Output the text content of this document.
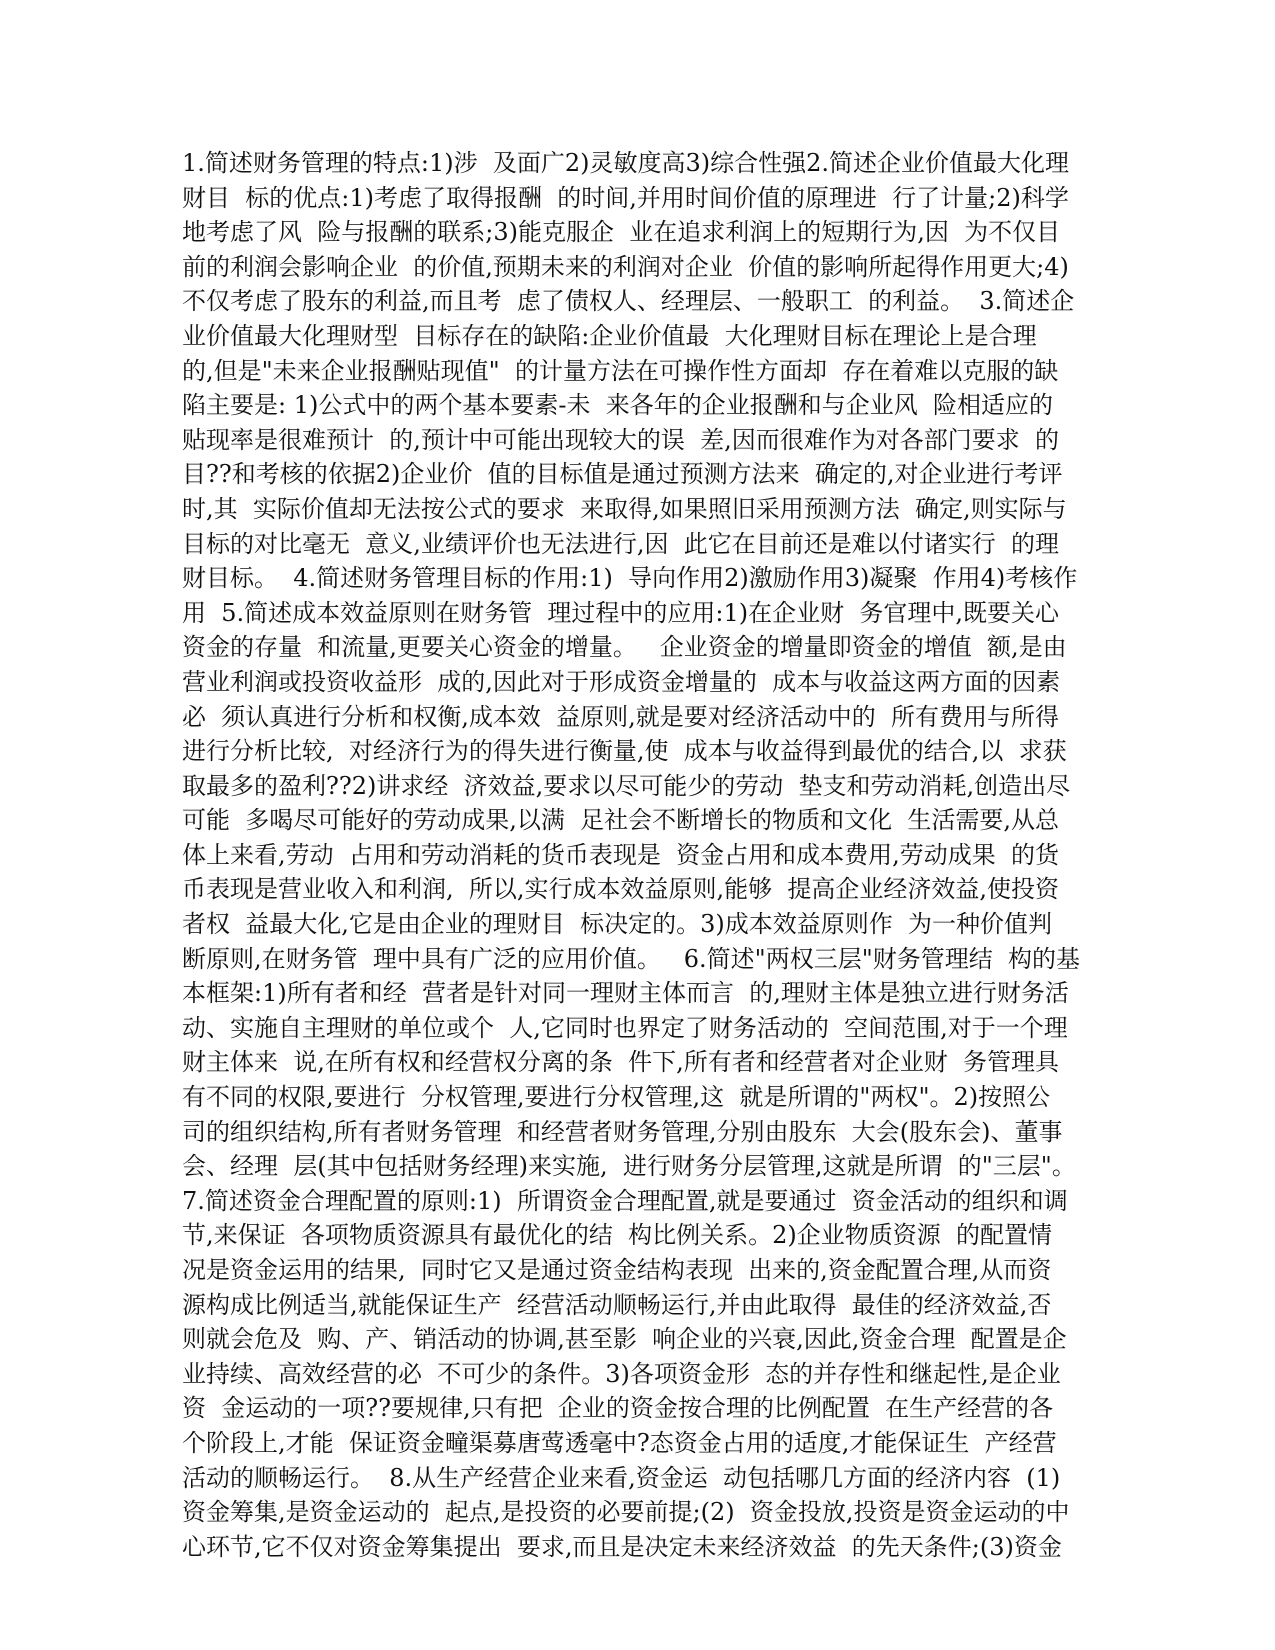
1.简述财务管理的特点:1)涉  及面广2)灵敏度高3)综合性强2.简述企业价值最大化理
财目  标的优点:1)考虑了取得报酬  的时间,并用时间价值的原理进  行了计量;2)科学
地考虑了风  险与报酬的联系;3)能克服企  业在追求利润上的短期行为,因  为不仅目
前的利润会影响企业  的价值,预期未来的利润对企业  价值的影响所起得作用更大;4)
不仅考虑了股东的利益,而且考  虑了债权人、经理层、一般职工  的利益。  3.简述企
业价值最大化理财型  目标存在的缺陷:企业价值最  大化理财目标在理论上是合理
的,但是"未来企业报酬贴现值"  的计量方法在可操作性方面却  存在着难以克服的缺
陷主要是: 1)公式中的两个基本要素-未  来各年的企业报酬和与企业风  险相适应的
贴现率是很难预计  的,预计中可能出现较大的误  差,因而很难作为对各部门要求  的
目??和考核的依据2)企业价  值的目标值是通过预测方法来  确定的,对企业进行考评
时,其  实际价值却无法按公式的要求  来取得,如果照旧采用预测方法  确定,则实际与
目标的对比毫无  意义,业绩评价也无法进行,因  此它在目前还是难以付诸实行  的理
财目标。  4.简述财务管理目标的作用:1)  导向作用2)激励作用3)凝聚  作用4)考核作
用  5.简述成本效益原则在财务管  理过程中的应用:1)在企业财  务官理中,既要关心
资金的存量  和流量,更要关心资金的增量。   企业资金的增量即资金的增值  额,是由
营业利润或投资收益形  成的,因此对于形成资金增量的  成本与收益这两方面的因素
必  须认真进行分析和权衡,成本效  益原则,就是要对经济活动中的  所有费用与所得
进行分析比较,  对经济行为的得失进行衡量,使  成本与收益得到最优的结合,以  求获
取最多的盈利??2)讲求经  济效益,要求以尽可能少的劳动  垫支和劳动消耗,创造出尽
可能  多喝尽可能好的劳动成果,以满  足社会不断增长的物质和文化  生活需要,从总
体上来看,劳动  占用和劳动消耗的货币表现是  资金占用和成本费用,劳动成果  的货
币表现是营业收入和利润,  所以,实行成本效益原则,能够  提高企业经济效益,使投资
者权  益最大化,它是由企业的理财目  标决定的。3)成本效益原则作  为一种价值判
断原则,在财务管  理中具有广泛的应用价值。   6.简述"两权三层"财务管理结  构的基
本框架:1)所有者和经  营者是针对同一理财主体而言  的,理财主体是独立进行财务活
动、实施自主理财的单位或个  人,它同时也界定了财务活动的  空间范围,对于一个理
财主体来  说,在所有权和经营权分离的条  件下,所有者和经营者对企业财  务管理具
有不同的权限,要进行  分权管理,要进行分权管理,这  就是所谓的"两权"。2)按照公
司的组织结构,所有者财务管理  和经营者财务管理,分别由股东  大会(股东会)、董事
会、经理  层(其中包括财务经理)来实施,  进行财务分层管理,这就是所谓  的"三层"。
7.简述资金合理配置的原则:1)  所谓资金合理配置,就是要通过  资金活动的组织和调
节,来保证  各项物质资源具有最优化的结  构比例关系。2)企业物质资源  的配置情
况是资金运用的结果,  同时它又是通过资金结构表现  出来的,资金配置合理,从而资
源构成比例适当,就能保证生产  经营活动顺畅运行,并由此取得  最佳的经济效益,否
则就会危及  购、产、销活动的协调,甚至影  响企业的兴衰,因此,资金合理  配置是企
业持续、高效经营的必  不可少的条件。3)各项资金形  态的并存性和继起性,是企业
资  金运动的一项??要规律,只有把  企业的资金按合理的比例配置  在生产经营的各
个阶段上,才能  保证资金疃渠募唐莺透毫中?态资金占用的适度,才能保证生  产经营
活动的顺畅运行。  8.从生产经营企业来看,资金运  动包括哪几方面的经济内容  (1)
资金筹集,是资金运动的  起点,是投资的必要前提;(2)  资金投放,投资是资金运动的中
心环节,它不仅对资金筹集提出  要求,而且是决定未来经济效益  的先天条件;(3)资金
